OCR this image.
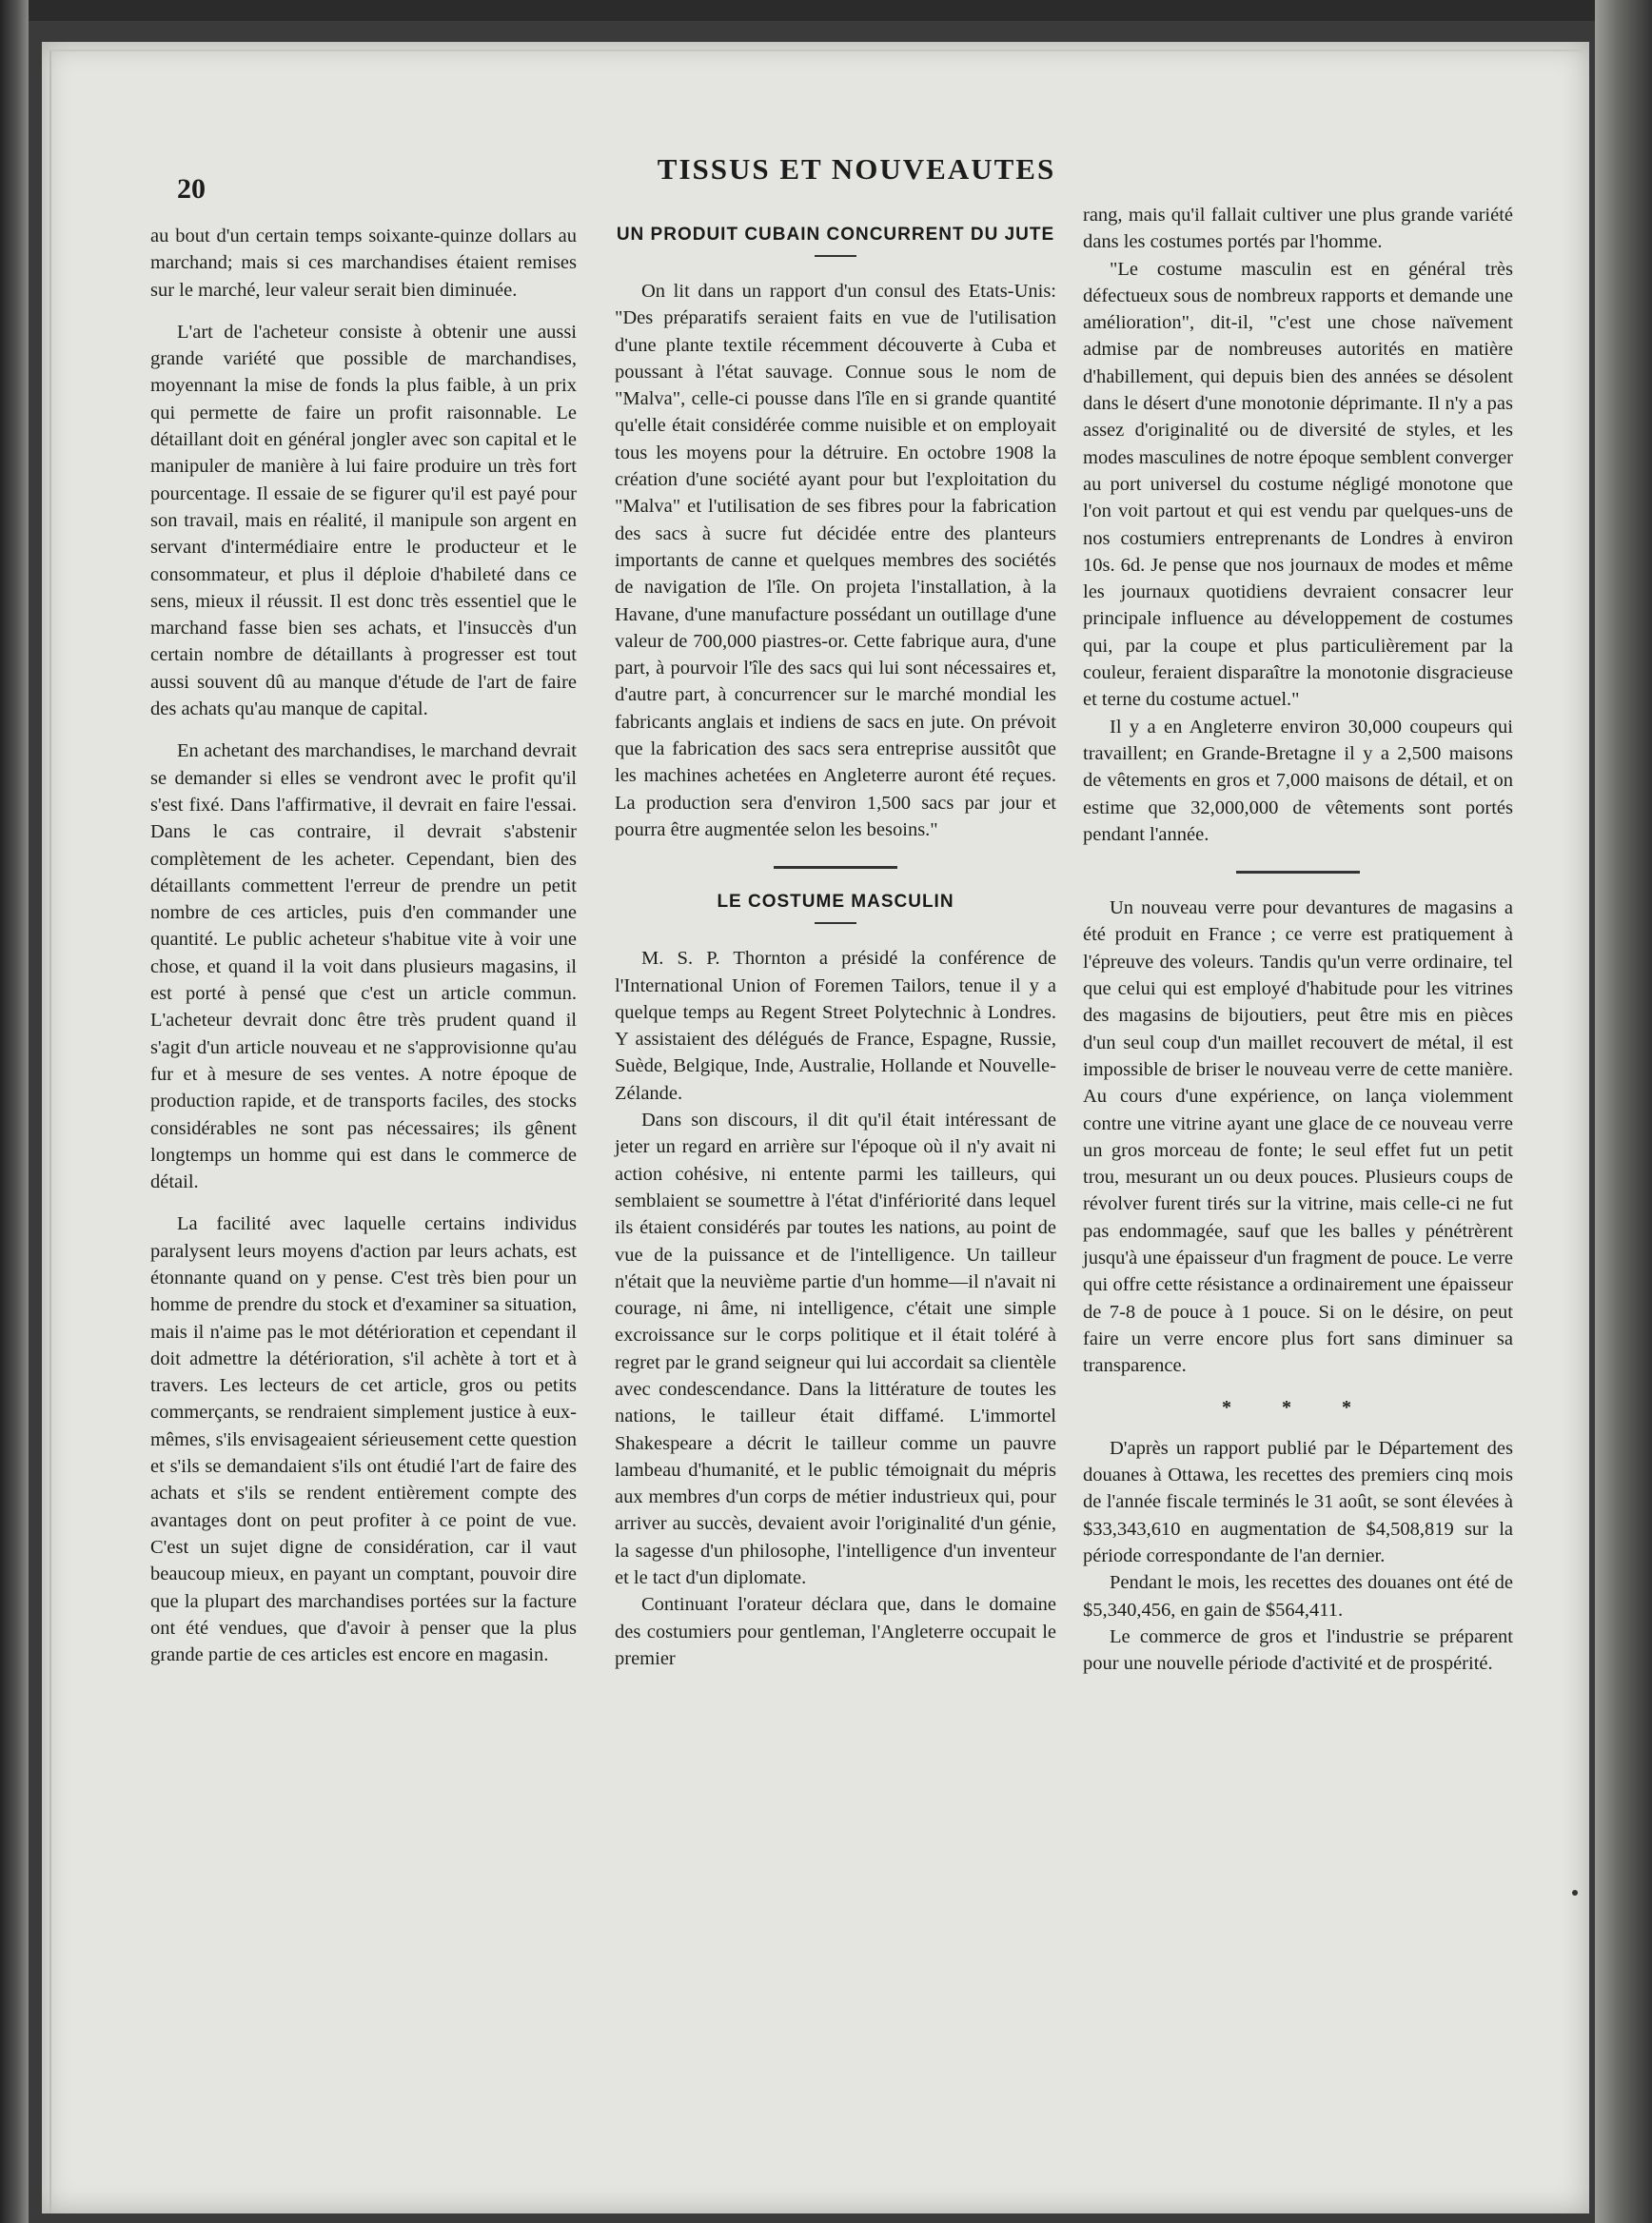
20
TISSUS ET NOUVEAUTES

au bout d'un certain temps soixante-quinze dollars au marchand; mais si ces marchandises étaient remises sur le marché, leur valeur serait bien diminuée.

L'art de l'acheteur consiste à obtenir une aussi grande variété que possible de marchandises, moyennant la mise de fonds la plus faible, à un prix qui permette de faire un profit raisonnable. Le détaillant doit en général jongler avec son capital et le manipuler de manière à lui faire produire un très fort pourcentage. Il essaie de se figurer qu'il est payé pour son travail, mais en réalité, il manipule son argent en servant d'intermédiaire entre le producteur et le consommateur, et plus il déploie d'habileté dans ce sens, mieux il réussit. Il est donc très essentiel que le marchand fasse bien ses achats, et l'insuccès d'un certain nombre de détaillants à progresser est tout aussi souvent dû au manque d'étude de l'art de faire des achats qu'au manque de capital.

En achetant des marchandises, le marchand devrait se demander si elles se vendront avec le profit qu'il s'est fixé. Dans l'affirmative, il devrait en faire l'essai. Dans le cas contraire, il devrait s'abstenir complètement de les acheter. Cependant, bien des détaillants commettent l'erreur de prendre un petit nombre de ces articles, puis d'en commander une quantité. Le public acheteur s'habitue vite à voir une chose, et quand il la voit dans plusieurs magasins, il est porté à pensé que c'est un article commun. L'acheteur devrait donc être très prudent quand il s'agit d'un article nouveau et ne s'approvisionne qu'au fur et à mesure de ses ventes. A notre époque de production rapide, et de transports faciles, des stocks considérables ne sont pas nécessaires; ils gênent longtemps un homme qui est dans le commerce de détail.

La facilité avec laquelle certains individus paralysent leurs moyens d'action par leurs achats, est étonnante quand on y pense. C'est très bien pour un homme de prendre du stock et d'examiner sa situation, mais il n'aime pas le mot détérioration et cependant il doit admettre la détérioration, s'il achète à tort et à travers. Les lecteurs de cet article, gros ou petits commerçants, se rendraient simplement justice à eux-mêmes, s'ils envisageaient sérieusement cette question et s'ils se demandaient s'ils ont étudié l'art de faire des achats et s'ils se rendent entièrement compte des avantages dont on peut profiter à ce point de vue. C'est un sujet digne de considération, car il vaut beaucoup mieux, en payant un comptant, pouvoir dire que la plupart des marchandises portées sur la facture ont été vendues, que d'avoir à penser que la plus grande partie de ces articles est encore en magasin.

UN PRODUIT CUBAIN CONCURRENT DU JUTE

On lit dans un rapport d'un consul des Etats-Unis: "Des préparatifs seraient faits en vue de l'utilisation d'une plante textile récemment découverte à Cuba et poussant à l'état sauvage. Connue sous le nom de "Malva", celle-ci pousse dans l'île en si grande quantité qu'elle était considérée comme nuisible et on employait tous les moyens pour la détruire. En octobre 1908 la création d'une société ayant pour but l'exploitation du "Malva" et l'utilisation de ses fibres pour la fabrication des sacs à sucre fut décidée entre des planteurs importants de canne et quelques membres des sociétés de navigation de l'île. On projeta l'installation, à la Havane, d'une manufacture possédant un outillage d'une valeur de 700,000 piastres-or. Cette fabrique aura, d'une part, à pourvoir l'île des sacs qui lui sont nécessaires et, d'autre part, à concurrencer sur le marché mondial les fabricants anglais et indiens de sacs en jute. On prévoit que la fabrication des sacs sera entreprise aussitôt que les machines achetées en Angleterre auront été reçues. La production sera d'environ 1,500 sacs par jour et pourra être augmentée selon les besoins."

LE COSTUME MASCULIN

M. S. P. Thornton a présidé la conférence de l'International Union of Foremen Tailors, tenue il y a quelque temps au Regent Street Polytechnic à Londres. Y assistaient des délégués de France, Espagne, Russie, Suède, Belgique, Inde, Australie, Hollande et Nouvelle-Zélande.

Dans son discours, il dit qu'il était intéressant de jeter un regard en arrière sur l'époque où il n'y avait ni action cohésive, ni entente parmi les tailleurs, qui semblaient se soumettre à l'état d'infériorité dans lequel ils étaient considérés par toutes les nations, au point de vue de la puissance et de l'intelligence. Un tailleur n'était que la neuvième partie d'un homme—il n'avait ni courage, ni âme, ni intelligence, c'était une simple excroissance sur le corps politique et il était toléré à regret par le grand seigneur qui lui accordait sa clientèle avec condescendance. Dans la littérature de toutes les nations, le tailleur était diffamé. L'immortel Shakespeare a décrit le tailleur comme un pauvre lambeau d'humanité, et le public témoignait du mépris aux membres d'un corps de métier industrieux qui, pour arriver au succès, devaient avoir l'originalité d'un génie, la sagesse d'un philosophe, l'intelligence d'un inventeur et le tact d'un diplomate.

Continuant l'orateur déclara que, dans le domaine des costumiers pour gentleman, l'Angleterre occupait le premier

rang, mais qu'il fallait cultiver une plus grande variété dans les costumes portés par l'homme.

"Le costume masculin est en général très défectueux sous de nombreux rapports et demande une amélioration", dit-il, "c'est une chose naïvement admise par de nombreuses autorités en matière d'habillement, qui depuis bien des années se désolent dans le désert d'une monotonie déprimante. Il n'y a pas assez d'originalité ou de diversité de styles, et les modes masculines de notre époque semblent converger au port universel du costume négligé monotone que l'on voit partout et qui est vendu par quelques-uns de nos costumiers entreprenants de Londres à environ 10s. 6d. Je pense que nos journaux de modes et même les journaux quotidiens devraient consacrer leur principale influence au développement de costumes qui, par la coupe et plus particulièrement par la couleur, feraient disparaître la monotonie disgracieuse et terne du costume actuel."

Il y a en Angleterre environ 30,000 coupeurs qui travaillent; en Grande-Bretagne il y a 2,500 maisons de vêtements en gros et 7,000 maisons de détail, et on estime que 32,000,000 de vêtements sont portés pendant l'année.

Un nouveau verre pour devantures de magasins a été produit en France ; ce verre est pratiquement à l'épreuve des voleurs. Tandis qu'un verre ordinaire, tel que celui qui est employé d'habitude pour les vitrines des magasins de bijoutiers, peut être mis en pièces d'un seul coup d'un maillet recouvert de métal, il est impossible de briser le nouveau verre de cette manière. Au cours d'une expérience, on lança violemment contre une vitrine ayant une glace de ce nouveau verre un gros morceau de fonte; le seul effet fut un petit trou, mesurant un ou deux pouces. Plusieurs coups de révolver furent tirés sur la vitrine, mais celle-ci ne fut pas endommagée, sauf que les balles y pénétrèrent jusqu'à une épaisseur d'un fragment de pouce. Le verre qui offre cette résistance a ordinairement une épaisseur de 7-8 de pouce à 1 pouce. Si on le désire, on peut faire un verre encore plus fort sans diminuer sa transparence.

* * *

D'après un rapport publié par le Département des douanes à Ottawa, les recettes des premiers cinq mois de l'année fiscale terminés le 31 août, se sont élevées à $33,343,610 en augmentation de $4,508,819 sur la période correspondante de l'an dernier.

Pendant le mois, les recettes des douanes ont été de $5,340,456, en gain de $564,411.

Le commerce de gros et l'industrie se préparent pour une nouvelle période d'activité et de prospérité.
